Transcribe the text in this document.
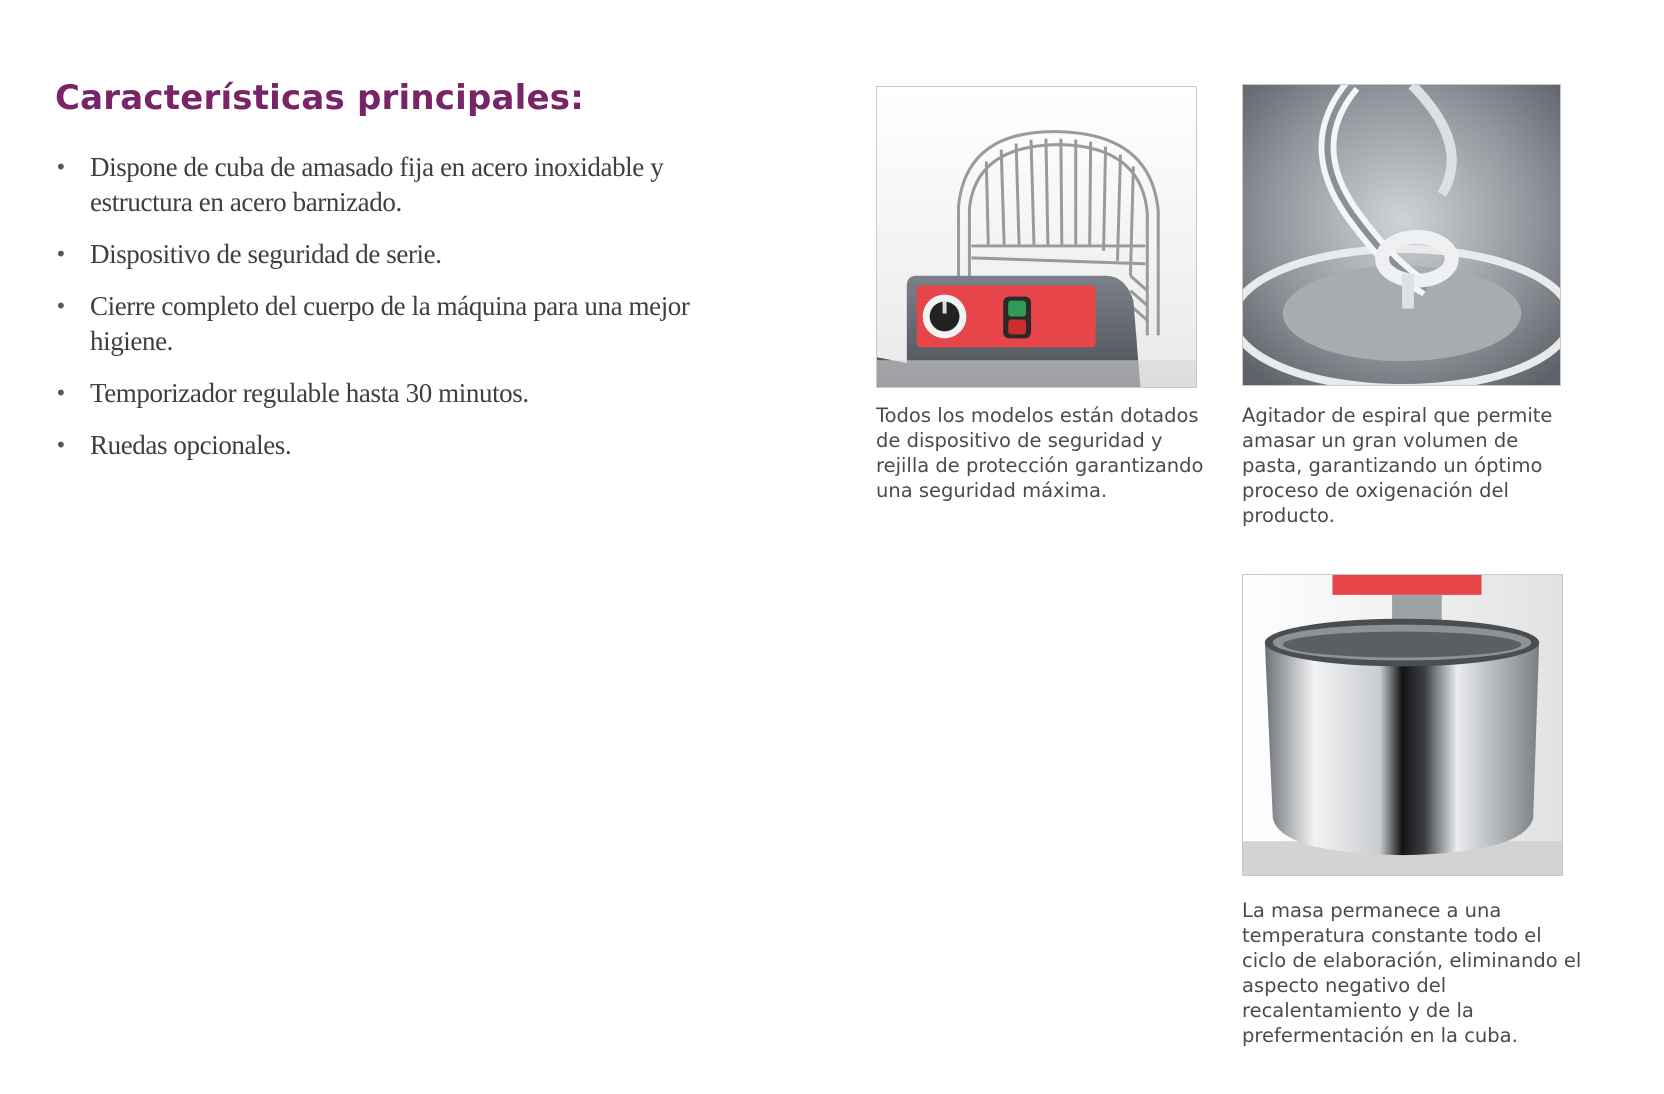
Características principales:
• Dispone de cuba de amasado fija en acero inoxidable y estructura en acero barnizado.
• Dispositivo de seguridad de serie.
• Cierre completo del cuerpo de la máquina para una mejor higiene.
• Temporizador regulable hasta 30 minutos.
• Ruedas opcionales.

Todos los modelos están dotados de dispositivo de seguridad y rejilla de protección garantizando una seguridad máxima.

Agitador de espiral que permite amasar un gran volumen de pasta, garantizando un óptimo proceso de oxigenación del producto.

La masa permanece a una temperatura constante todo el ciclo de elaboración, eliminando el aspecto negativo del recalentamiento y de la prefermentación en la cuba.
